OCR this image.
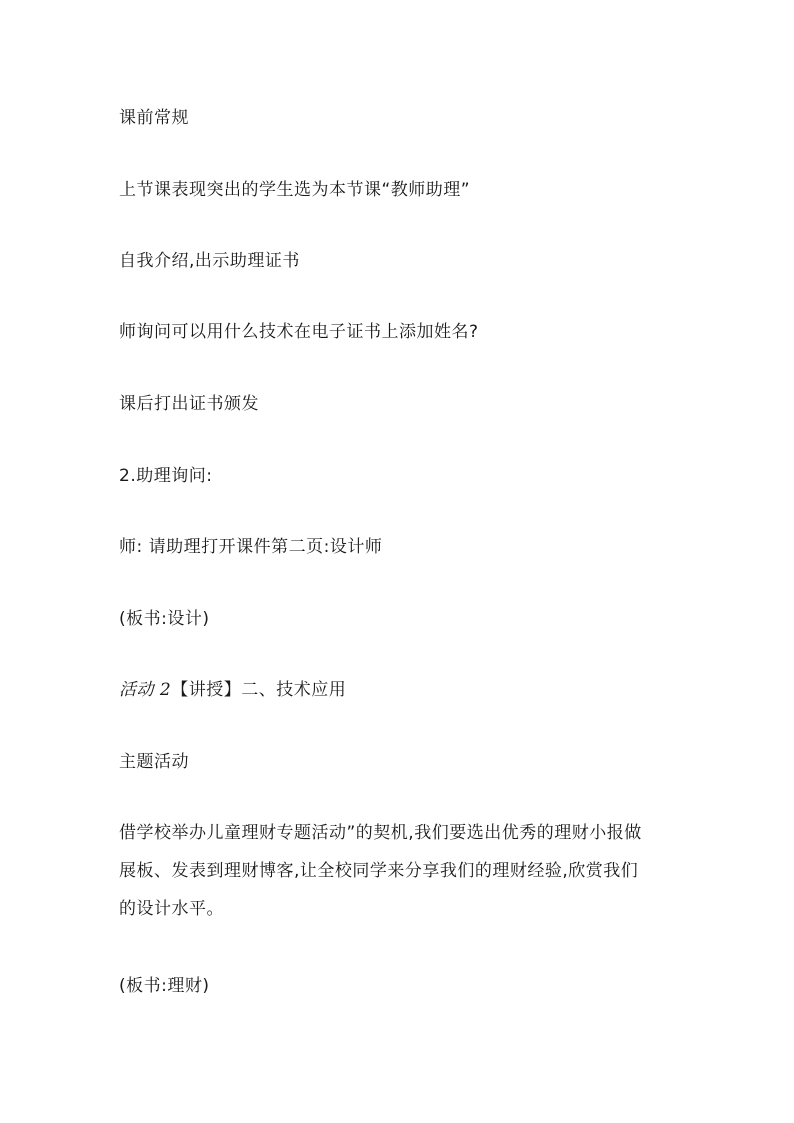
课前常规
上节课表现突出的学生选为本节课“教师助理”
自我介绍,出示助理证书
师询问可以用什么技术在电子证书上添加姓名?
课后打出证书颁发
2.助理询问:
师: 请助理打开课件第二页:设计师
(板书:设计)
活动 2【讲授】二、技术应用
主题活动
借学校举办儿童理财专题活动”的契机,我们要选出优秀的理财小报做
展板、发表到理财博客,让全校同学来分享我们的理财经验,欣赏我们
的设计水平。
(板书:理财)
